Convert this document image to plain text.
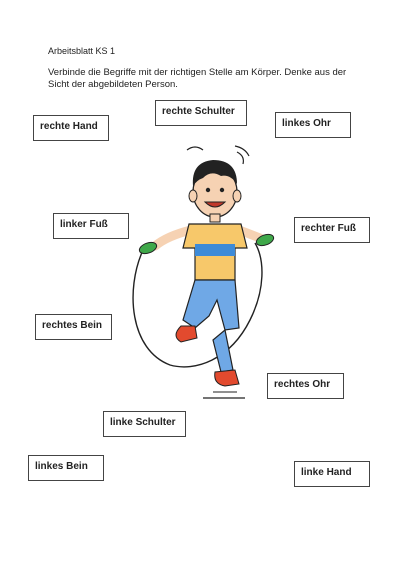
Arbeitsblatt KS 1
Verbinde die Begriffe mit der richtigen Stelle am Körper. Denke aus der Sicht der abgebildeten Person.
rechte Schulter
rechte Hand	linkes Ohr
linker Fuß	rechter Fuß
rechtes Bein
rechtes Ohr
linke Schulter
linkes Bein
linke Hand
